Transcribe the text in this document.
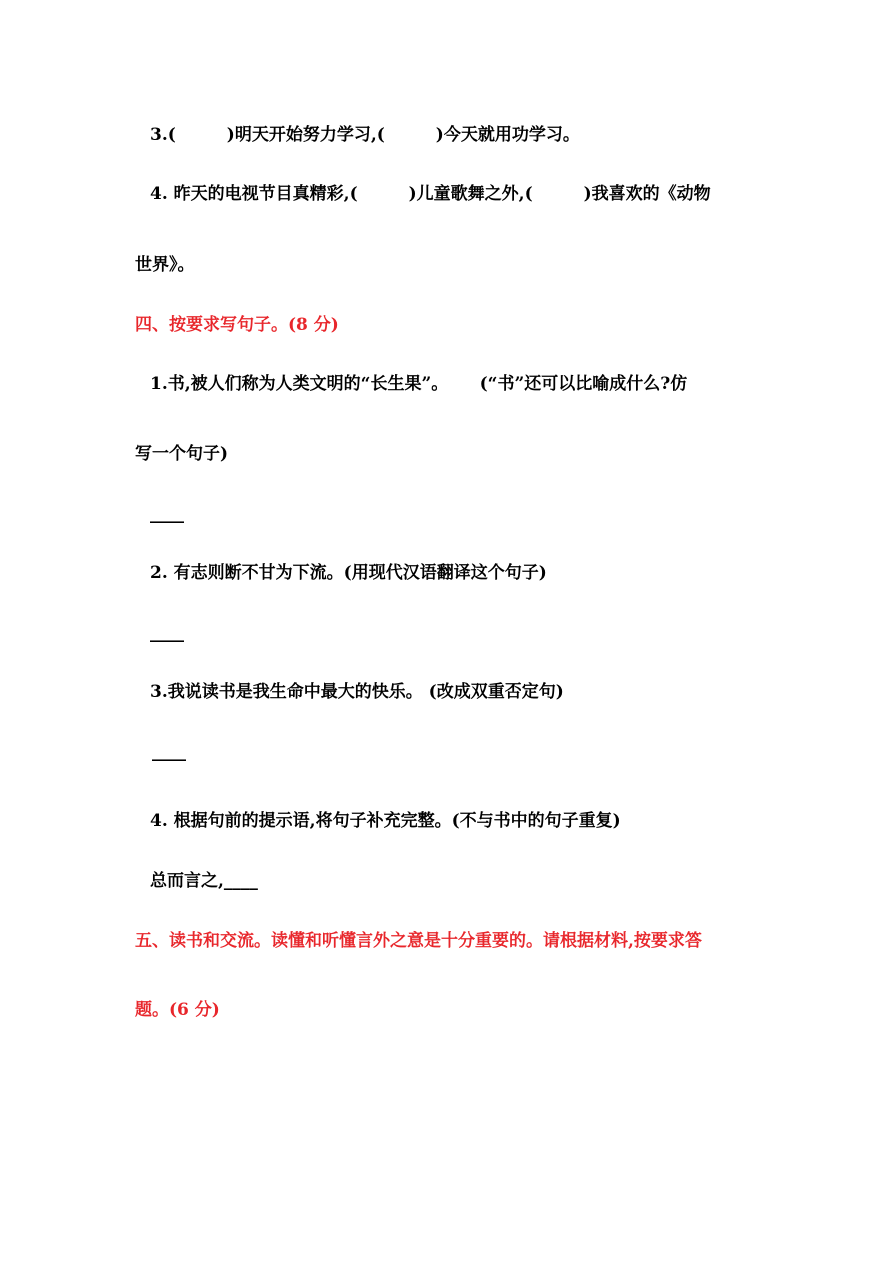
3.(　　　)明天开始努力学习,(　　　)今天就用功学习。
4. 昨天的电视节目真精彩,(　　　)儿童歌舞之外,(　　　)我喜欢的《动物
世界》。
四、按要求写句子。(8 分)
1.书,被人们称为人类文明的“长生果”。　　 (“书”还可以比喻成什么?仿
写一个句子)
____
2. 有志则断不甘为下流。(用现代汉语翻译这个句子)
____
3.我说读书是我生命中最大的快乐。 (改成双重否定句)
____
4. 根据句前的提示语,将句子补充完整。(不与书中的句子重复)
总而言之,____
五、读书和交流。读懂和听懂言外之意是十分重要的。请根据材料,按要求答
题。(6 分)
